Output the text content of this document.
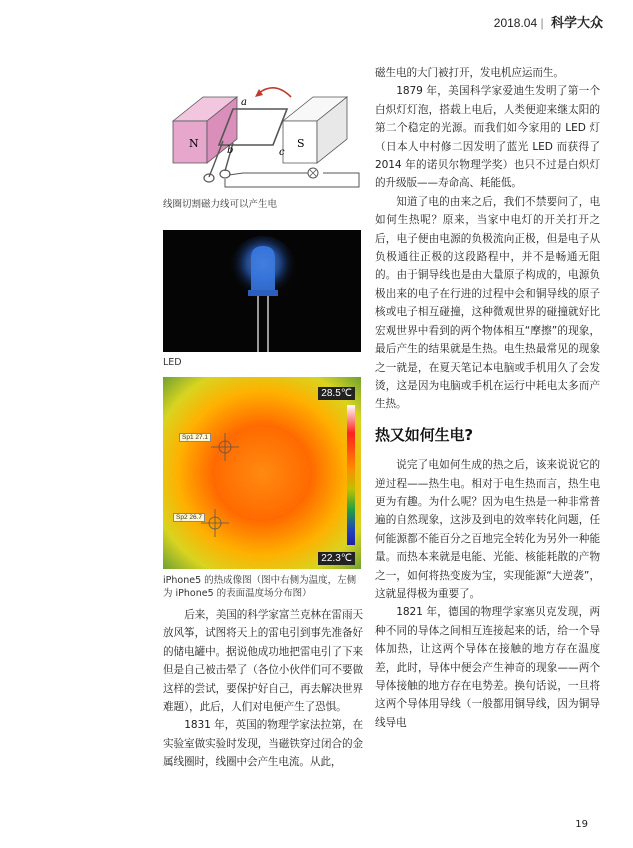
2018.04 | 科学大众
N	S
a
b	c
线圈切割磁力线可以产生电
LED
28.5℃
22.3℃
Sp1 27.1
Sp2 26.7
iPhone5 的热成像图（图中右侧为温度，左侧为 iPhone5 的表面温度场分布图）

后来，美国的科学家富兰克林在雷雨天放风筝，试图将天上的雷电引到事先准备好的储电罐中。据说他成功地把雷电引了下来但是自己被击晕了（各位小伙伴们可不要做这样的尝试，要保护好自己，再去解决世界难题），此后，人们对电便产生了恐惧。

1831 年，英国的物理学家法拉第，在实验室做实验时发现，当磁铁穿过闭合的金属线圈时，线圈中会产生电流。从此，

磁生电的大门被打开，发电机应运而生。

1879 年，美国科学家爱迪生发明了第一个白炽灯灯泡，搭载上电后，人类便迎来继太阳的第二个稳定的光源。而我们如今家用的 LED 灯（日本人中村修二因发明了蓝光 LED 而获得了 2014 年的诺贝尔物理学奖）也只不过是白炽灯的升级版——寿命高、耗能低。

知道了电的由来之后，我们不禁要问了，电如何生热呢？原来，当家中电灯的开关打开之后，电子便由电源的负极流向正极，但是电子从负极通往正极的这段路程中，并不是畅通无阻的。由于铜导线也是由大量原子构成的，电源负极出来的电子在行进的过程中会和铜导线的原子核或电子相互碰撞，这种微观世界的碰撞就好比宏观世界中看到的两个物体相互“摩擦”的现象，最后产生的结果就是生热。电生热最常见的现象之一就是，在夏天笔记本电脑或手机用久了会发烫，这是因为电脑或手机在运行中耗电太多而产生热。

热又如何生电?

说完了电如何生成的热之后，该来说说它的逆过程——热生电。相对于电生热而言，热生电更为有趣。为什么呢？因为电生热是一种非常普遍的自然现象，这涉及到电的效率转化问题，任何能源都不能百分之百地完全转化为另外一种能量。而热本来就是电能、光能、核能耗散的产物之一，如何将热变废为宝，实现能源“大逆袭”，这就显得极为重要了。

1821 年，德国的物理学家塞贝克发现，两种不同的导体之间相互连接起来的话，给一个导体加热，让这两个导体在接触的地方存在温度差，此时，导体中便会产生神奇的现象——两个导体接触的地方存在电势差。换句话说，一旦将这两个导体用导线（一般都用铜导线，因为铜导线导电

19
